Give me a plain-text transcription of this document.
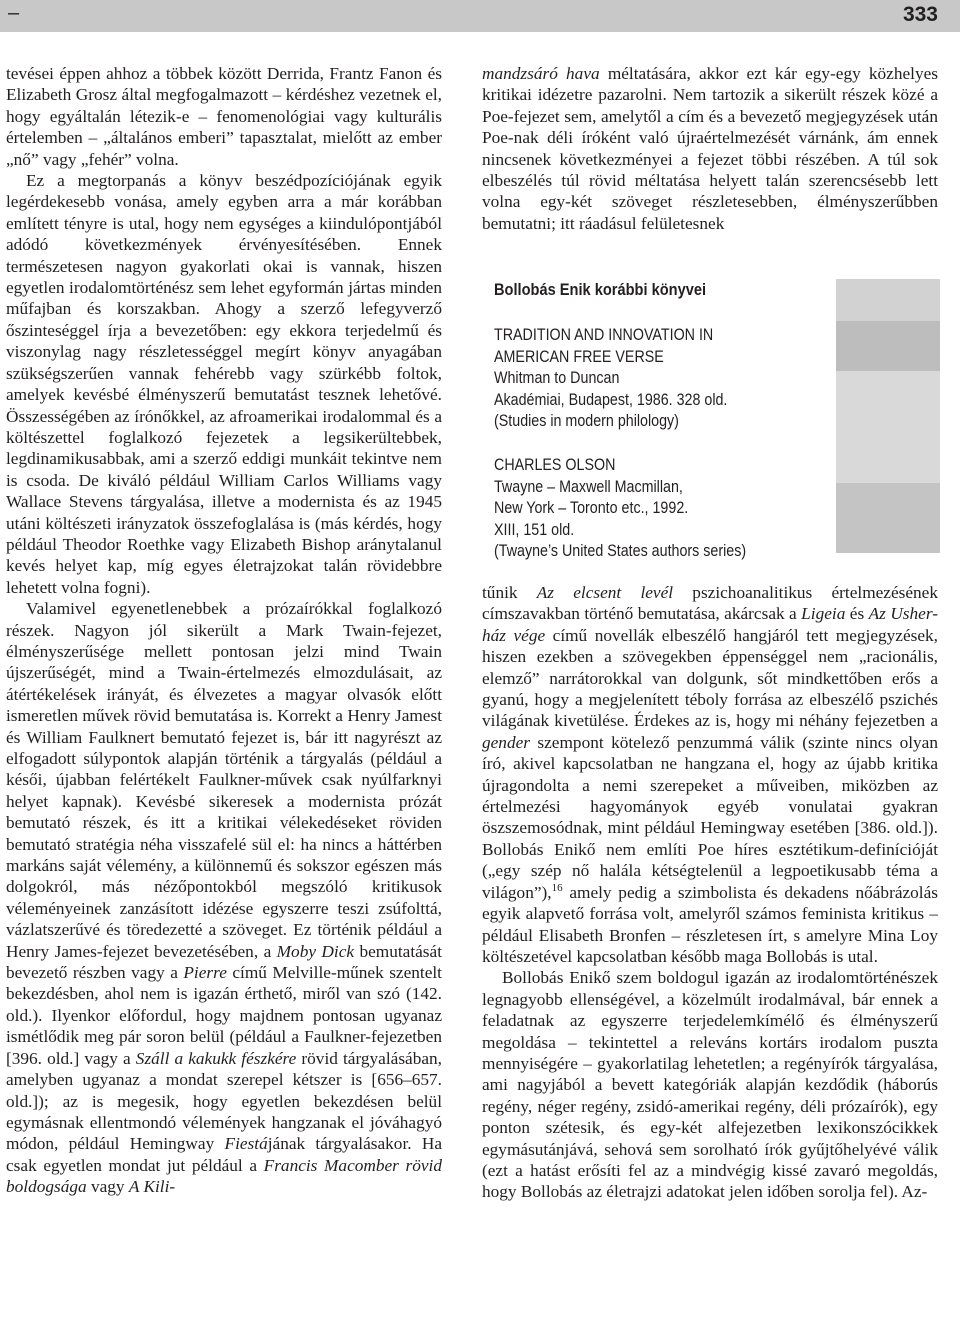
–	333

tevései éppen ahhoz a többek között Derrida, Frantz Fanon és Elizabeth Grosz által megfogalmazott – kérdéshez vezetnek el, hogy egyáltalán létezik-e – fenomenológiai vagy kulturális értelemben – „általános emberi” tapasztalat, mielőtt az ember „nő” vagy „fehér” volna.

Ez a megtorpanás a könyv beszédpozíciójának egyik legérdekesebb vonása, amely egyben arra a már korábban említett tényre is utal, hogy nem egységes a kiindulópontjából adódó következmények érvényesítésében. Ennek természetesen nagyon gyakorlati okai is vannak, hiszen egyetlen irodalomtörténész sem lehet egyformán jártas minden műfajban és korszakban. Ahogy a szerző lefegyverző őszinteséggel írja a bevezetőben: egy ekkora terjedelmű és viszonylag nagy részletességgel megírt könyv anyagában szükségszerűen vannak fehérebb vagy szürkébb foltok, amelyek kevésbé élményszerű bemutatást tesznek lehetővé. Összességében az írónőkkel, az afroamerikai irodalommal és a költészettel foglalkozó fejezetek a legsikerültebbek, legdinamikusabbak, ami a szerző eddigi munkáit tekintve nem is csoda. De kiváló például William Carlos Williams vagy Wallace Stevens tárgyalása, illetve a modernista és az 1945 utáni költészeti irányzatok összefoglalása is (más kérdés, hogy például Theodor Roethke vagy Elizabeth Bishop aránytalanul kevés helyet kap, míg egyes életrajzokat talán rövidebbre lehetett volna fogni).

Valamivel egyenetlenebbek a prózaírókkal foglalkozó részek. Nagyon jól sikerült a Mark Twain-fejezet, élményszerűsége mellett pontosan jelzi mind Twain újszerűségét, mind a Twain-értelmezés elmozdulásait, az átértékelések irányát, és élvezetes a magyar olvasók előtt ismeretlen művek rövid bemutatása is. Korrekt a Henry Jamest és William Faulknert bemutató fejezet is, bár itt nagyrészt az elfogadott súlypontok alapján történik a tárgyalás (például a késői, újabban felértékelt Faulkner-művek csak nyúlfarknyi helyet kapnak). Kevésbé sikeresek a modernista prózát bemutató részek, és itt a kritikai vélekedéseket röviden bemutató stratégia néha visszafelé sül el: ha nincs a háttérben markáns saját vélemény, a különnemű és sokszor egészen más dolgokról, más nézőpontokból megszóló kritikusok véleményeinek zanzásított idézése egyszerre teszi zsúfolttá, vázlatszerűvé és töredezetté a szöveget. Ez történik például a Henry James-fejezet bevezetésében, a Moby Dick bemutatását bevezető részben vagy a Pierre című Melville-műnek szentelt bekezdésben, ahol nem is igazán érthető, miről van szó (142. old.). Ilyenkor előfordul, hogy majdnem pontosan ugyanaz ismétlődik meg pár soron belül (például a Faulkner-fejezetben [396. old.] vagy a Száll a kakukk fészkére rövid tárgyalásában, amelyben ugyanaz a mondat szerepel kétszer is [656–657. old.]); az is megesik, hogy egyetlen bekezdésen belül egymásnak ellentmondó vélemények hangzanak el jóváhagyó módon, például Hemingway Fiestájának tárgyalásakor. Ha csak egyetlen mondat jut például a Francis Macomber rövid boldogsága vagy A Kili-

mandzsáró hava méltatására, akkor ezt kár egy-egy közhelyes kritikai idézetre pazarolni. Nem tartozik a sikerült részek közé a Poe-fejezet sem, amelytől a cím és a bevezető megjegyzések után Poe-nak déli íróként való újraértelmezését várnánk, ám ennek nincsenek következményei a fejezet többi részében. A túl sok elbeszélés túl rövid méltatása helyett talán szerencsésebb lett volna egy-két szöveget részletesebben, élményszerűbben bemutatni; itt ráadásul felületesnek

Bollobás Enik korábbi könyvei
TRADITION AND INNOVATION IN
AMERICAN FREE VERSE
Whitman to Duncan
Akadémiai, Budapest, 1986. 328 old.
(Studies in modern philology)
CHARLES OLSON
Twayne – Maxwell Macmillan,
New York – Toronto etc., 1992.
XIII, 151 old.
(Twayne’s United States authors series)

tűnik Az elcsent levél pszichoanalitikus értelmezésének címszavakban történő bemutatása, akárcsak a Ligeia és Az Usher-ház vége című novellák elbeszélő hangjáról tett megjegyzések, hiszen ezekben a szövegekben éppenséggel nem „racionális, elemző” narrátorokkal van dolgunk, sőt mindkettőben erős a gyanú, hogy a megjelenített téboly forrása az elbeszélő pszichés világának kivetülése. Érdekes az is, hogy mi néhány fejezetben a gender szempont kötelező penzummá válik (szinte nincs olyan író, akivel kapcsolatban ne hangzana el, hogy az újabb kritika újragondolta a nemi szerepeket a műveiben, miközben az értelmezési hagyományok egyéb vonulatai gyakran öszszemosódnak, mint például Hemingway esetében [386. old.]). Bollobás Enikő nem említi Poe híres esztétikum-definícióját („egy szép nő halála kétségtelenül a legpoetikusabb téma a világon”),$^{16}$ amely pedig a szimbolista és dekadens nőábrázolás egyik alapvető forrása volt, amelyről számos feminista kritikus – például Elisabeth Bronfen – részletesen írt, s amelyre Mina Loy költészetével kapcsolatban később maga Bollobás is utal.

Bollobás Enikő szem boldogul igazán az irodalomtörténészek legnagyobb ellenségével, a közelmúlt irodalmával, bár ennek a feladatnak az egyszerre terjedelemkímélő és élményszerű megoldása – tekintettel a releváns kortárs irodalom puszta mennyiségére – gyakorlatilag lehetetlen; a regényírók tárgyalása, ami nagyjából a bevett kategóriák alapján kezdődik (háborús regény, néger regény, zsidó-amerikai regény, déli prózaírók), egy ponton szétesik, és egy-két alfejezetben lexikonszócikkek egymásutánjává, sehová sem sorolható írók gyűjtőhelyévé válik (ezt a hatást erősíti fel az a mindvégig kissé zavaró megoldás, hogy Bollobás az életrajzi adatokat jelen időben sorolja fel). Az-
